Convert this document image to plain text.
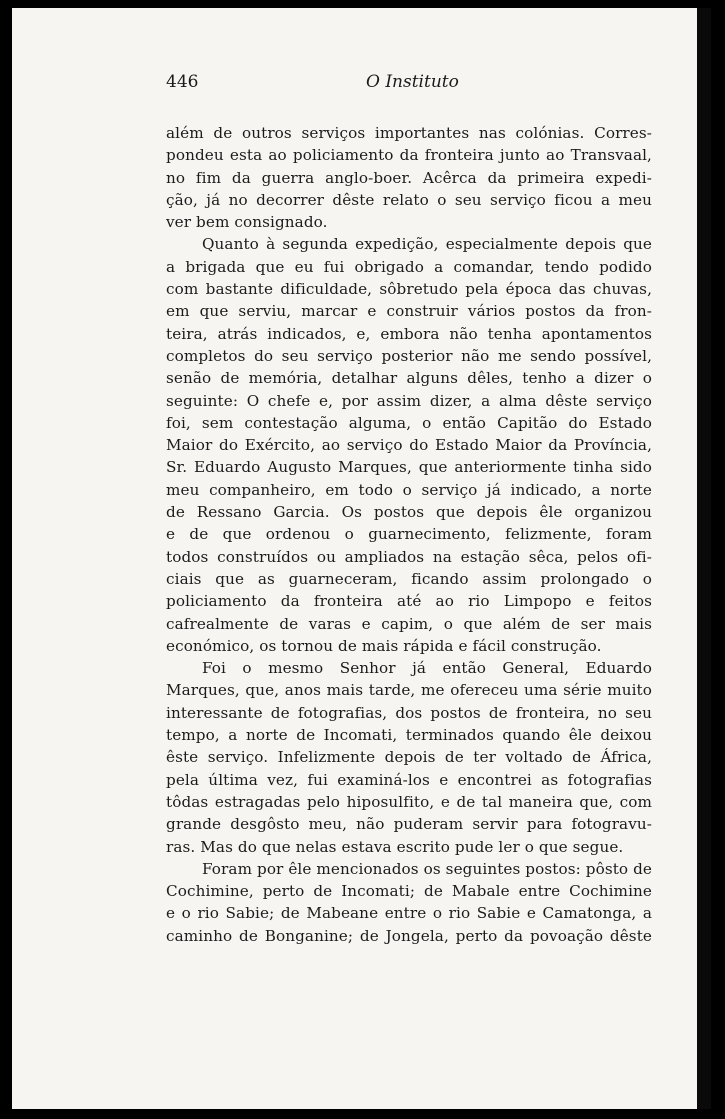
446	O Instituto
além de outros serviços importantes nas colónias. Corres-
pondeu esta ao policiamento da fronteira junto ao Transvaal,
no fim da guerra anglo-boer. Acêrca da primeira expedi-
ção, já no decorrer dêste relato o seu serviço ficou a meu
ver bem consignado.
Quanto à segunda expedição, especialmente depois que
a brigada que eu fui obrigado a comandar, tendo podido
com bastante dificuldade, sôbretudo pela época das chuvas,
em que serviu, marcar e construir vários postos da fron-
teira, atrás indicados, e, embora não tenha apontamentos
completos do seu serviço posterior não me sendo possível,
senão de memória, detalhar alguns dêles, tenho a dizer o
seguinte: O chefe e, por assim dizer, a alma dêste serviço
foi, sem contestação alguma, o então Capitão do Estado
Maior do Exército, ao serviço do Estado Maior da Província,
Sr. Eduardo Augusto Marques, que anteriormente tinha sido
meu companheiro, em todo o serviço já indicado, a norte
de Ressano Garcia. Os postos que depois êle organizou
e de que ordenou o guarnecimento, felizmente, foram
todos construídos ou ampliados na estação sêca, pelos ofi-
ciais que as guarneceram, ficando assim prolongado o
policiamento da fronteira até ao rio Limpopo e feitos
cafrealmente de varas e capim, o que além de ser mais
económico, os tornou de mais rápida e fácil construção.
Foi o mesmo Senhor já então General, Eduardo
Marques, que, anos mais tarde, me ofereceu uma série muito
interessante de fotografias, dos postos de fronteira, no seu
tempo, a norte de Incomati, terminados quando êle deixou
êste serviço. Infelizmente depois de ter voltado de África,
pela última vez, fui examiná-los e encontrei as fotografias
tôdas estragadas pelo hiposulfito, e de tal maneira que, com
grande desgôsto meu, não puderam servir para fotogravu-
ras. Mas do que nelas estava escrito pude ler o que segue.
Foram por êle mencionados os seguintes postos: pôsto de
Cochimine, perto de Incomati; de Mabale entre Cochimine
e o rio Sabie; de Mabeane entre o rio Sabie e Camatonga, a
caminho de Bonganine; de Jongela, perto da povoação dêste
